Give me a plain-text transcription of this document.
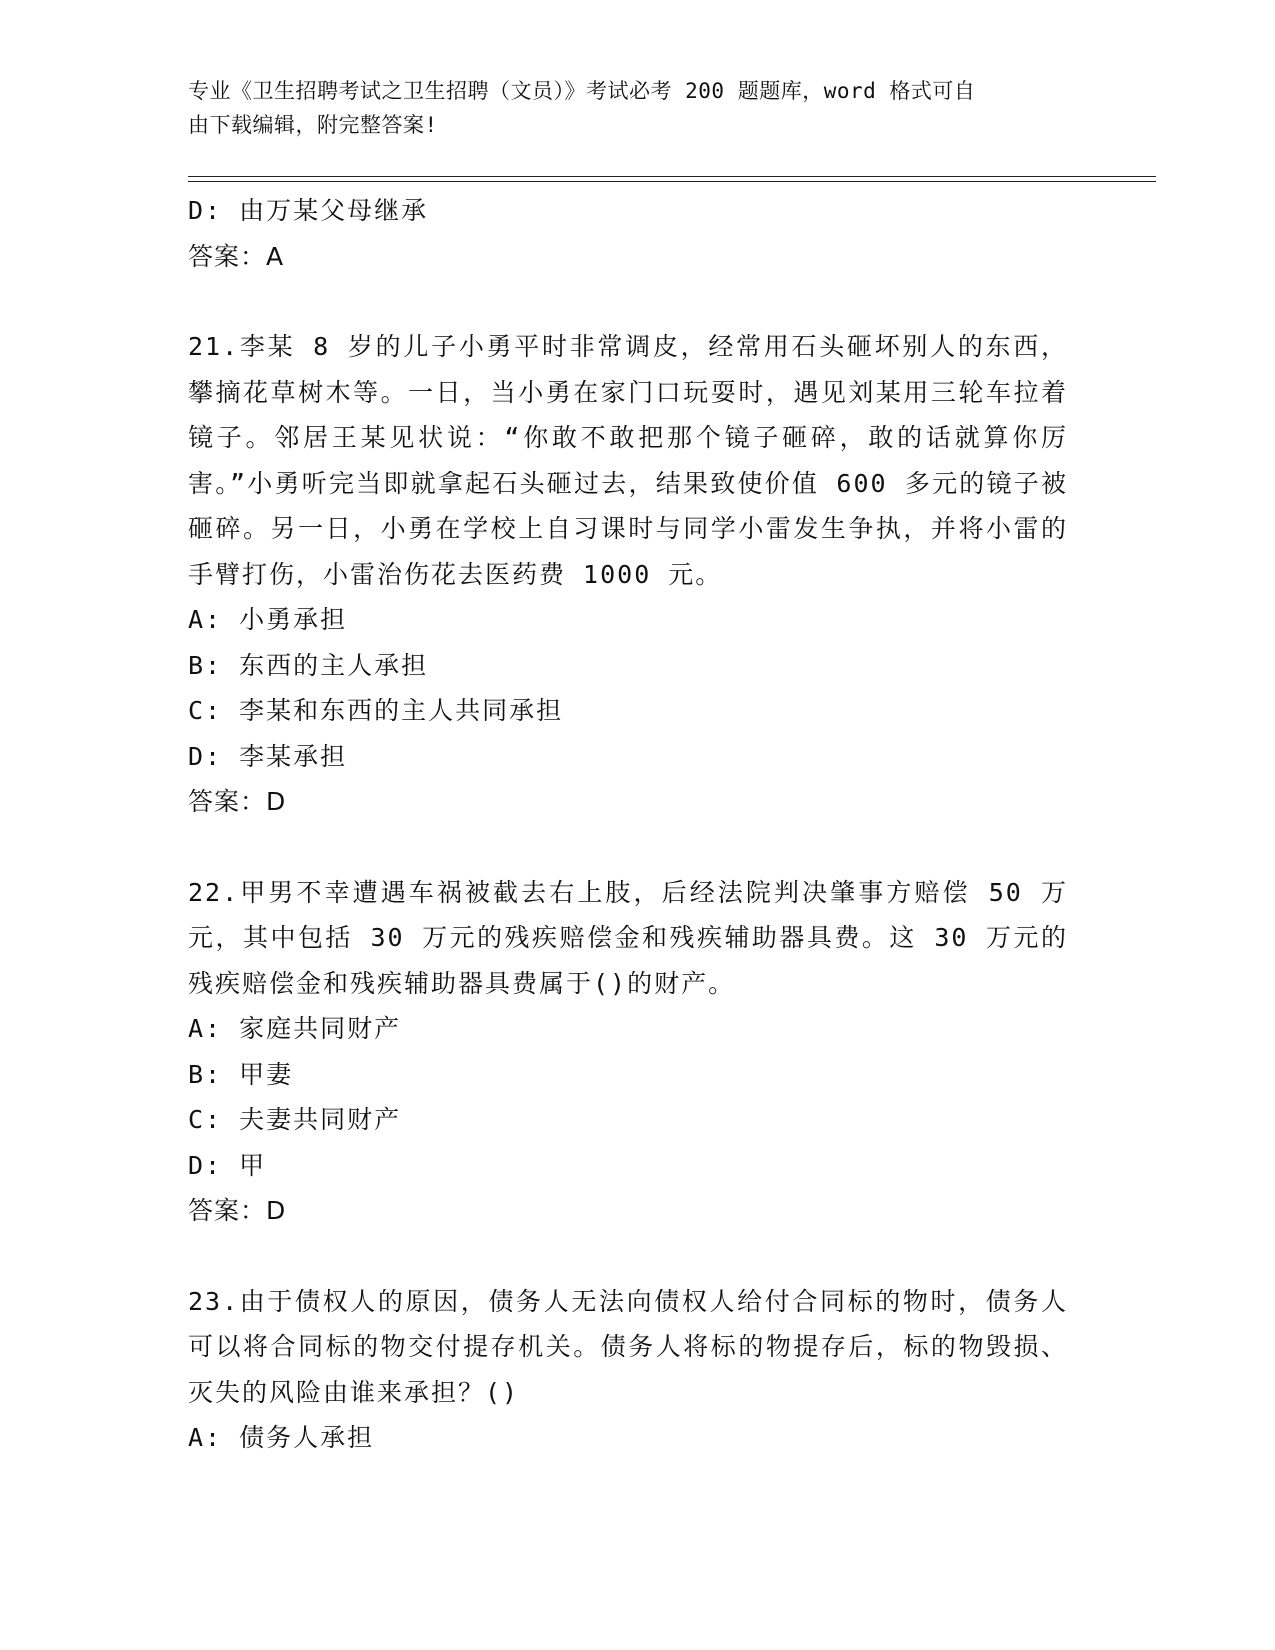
专业《卫生招聘考试之卫生招聘（文员）》考试必考 200 题题库，word 格式可自
由下载编辑，附完整答案!

D: 由万某父母继承

答案：A

21.李某 8 岁的儿子小勇平时非常调皮，经常用石头砸坏别人的东西，攀摘花草树木等。一日，当小勇在家门口玩耍时，遇见刘某用三轮车拉着镜子。邻居王某见状说：“你敢不敢把那个镜子砸碎，敢的话就算你厉害。”小勇听完当即就拿起石头砸过去，结果致使价值 600 多元的镜子被砸碎。另一日，小勇在学校上自习课时与同学小雷发生争执，并将小雷的手臂打伤，小雷治伤花去医药费 1000 元。

A: 小勇承担

B: 东西的主人承担

C: 李某和东西的主人共同承担

D: 李某承担

答案：D

22.甲男不幸遭遇车祸被截去右上肢，后经法院判决肇事方赔偿 50 万元，其中包括 30 万元的残疾赔偿金和残疾辅助器具费。这 30 万元的残疾赔偿金和残疾辅助器具费属于()的财产。

A: 家庭共同财产

B: 甲妻

C: 夫妻共同财产

D: 甲

答案：D

23.由于债权人的原因，债务人无法向债权人给付合同标的物时，债务人可以将合同标的物交付提存机关。债务人将标的物提存后，标的物毁损、灭失的风险由谁来承担？()

A: 债务人承担
